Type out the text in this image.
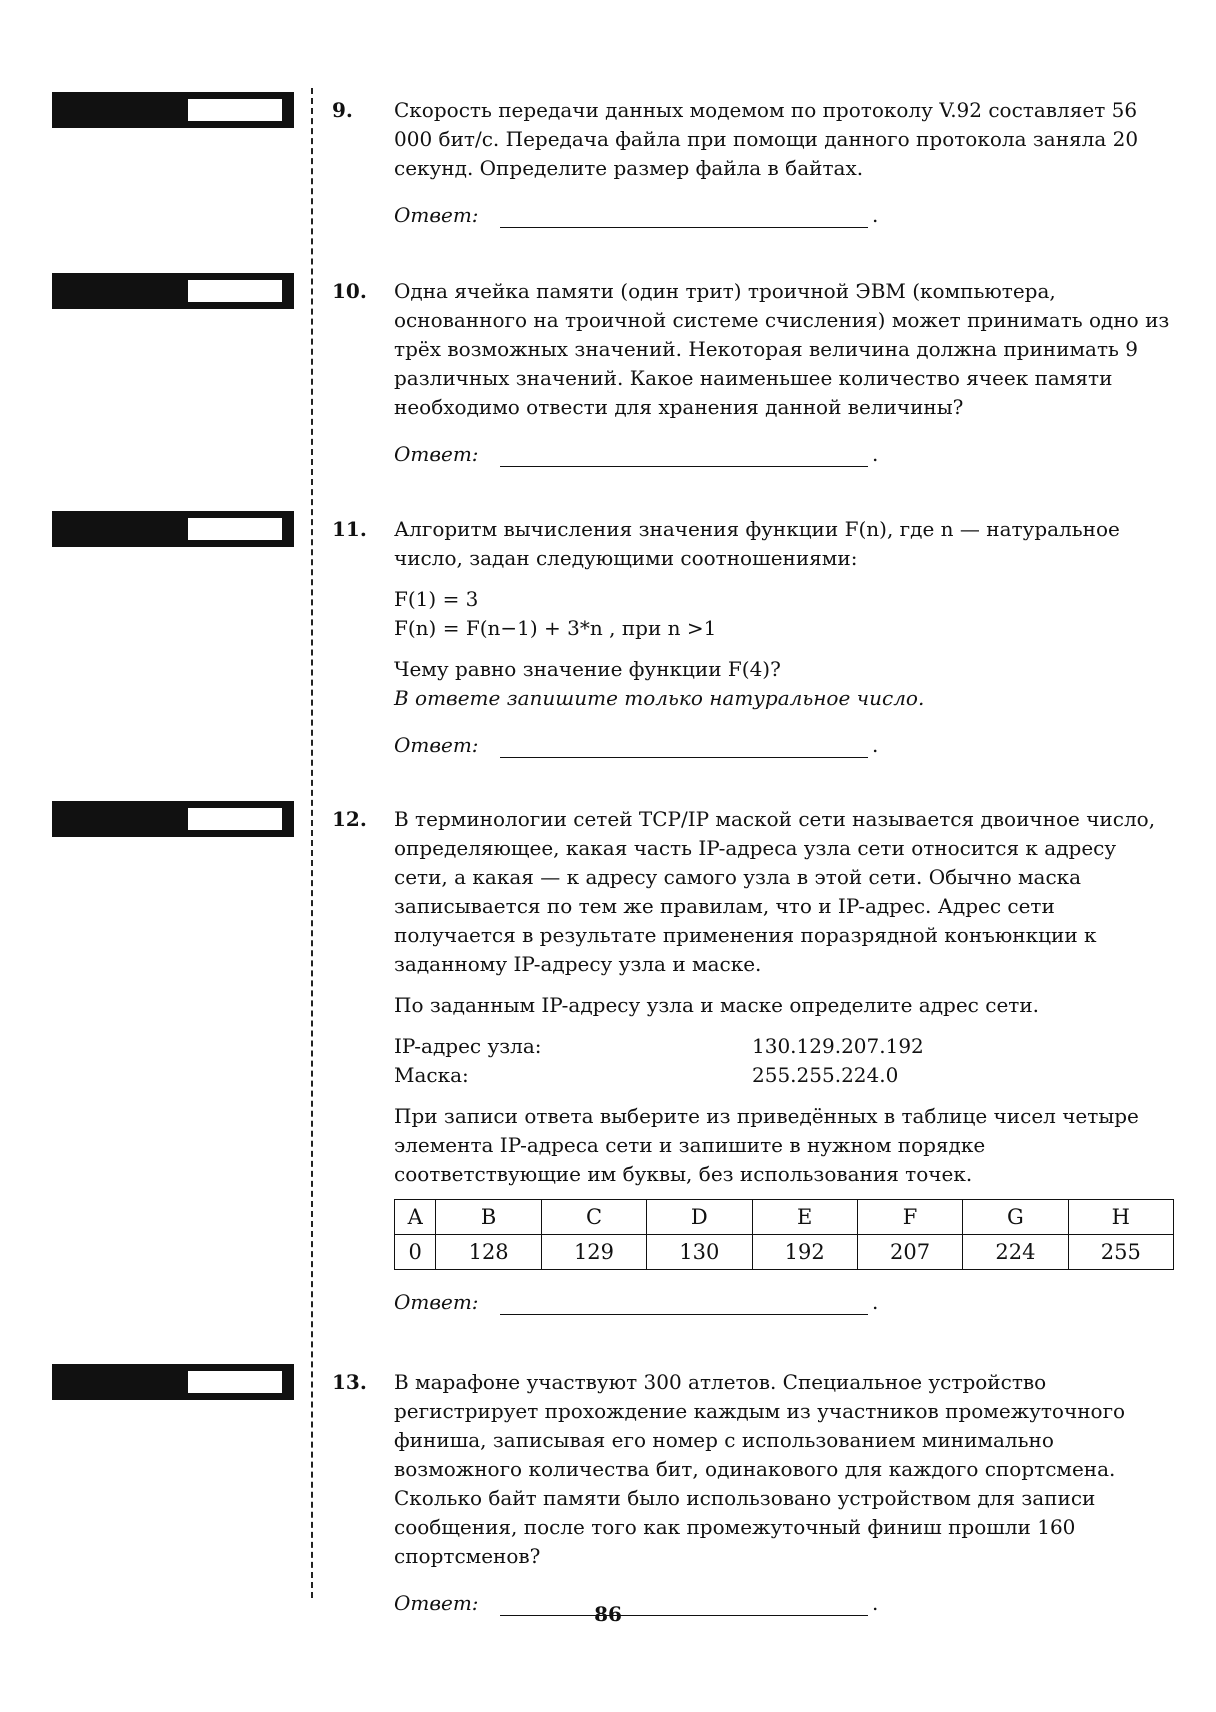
9. Скорость передачи данных модемом по протоколу V.92 составляет 56 000 бит/с. Передача файла при помощи данного протокола заняла 20 секунд. Определите размер файла в байтах.

Ответ:	.
10. Одна ячейка памяти (один трит) троичной ЭВМ (компьютера, основанного на троичной системе счисления) может принимать одно из трёх возможных значений. Некоторая величина должна принимать 9 различных значений. Какое наименьшее количество ячеек памяти необходимо отвести для хранения данной величины?

Ответ:	.
11. Алгоритм вычисления значения функции F(n), где n — натуральное число, задан следующими соотношениями:

F(1) = 3

F(n) = F(n−1) + 3*n , при n >1

Чему равно значение функции F(4)?

В ответе запишите только натуральное число.

Ответ:	.
12. В терминологии сетей TCP/IP маской сети называется двоичное число, определяющее, какая часть IP-адреса узла сети относится к адресу сети, а какая — к адресу самого узла в этой сети. Обычно маска записывается по тем же правилам, что и IP-адрес. Адрес сети получается в результате применения поразрядной конъюнкции к заданному IP-адресу узла и маске.

По заданным IP-адресу узла и маске определите адрес сети.

IP-адрес узла:	130.129.207.192
Маска:	255.255.224.0

При записи ответа выберите из приведённых в таблице чисел четыре элемента IP-адреса сети и запишите в нужном порядке соответствующие им буквы, без использования точек.

A	B	C	D	E	F	G	H
0	128	129	130	192	207	224	255
Ответ:	.
13. В марафоне участвуют 300 атлетов. Специальное устройство регистрирует прохождение каждым из участников промежуточного финиша, записывая его номер с использованием минимально возможного количества бит, одинакового для каждого спортсмена. Сколько байт памяти было использовано устройством для записи сообщения, после того как промежуточный финиш прошли 160 спортсменов?

Ответ:	.
86
